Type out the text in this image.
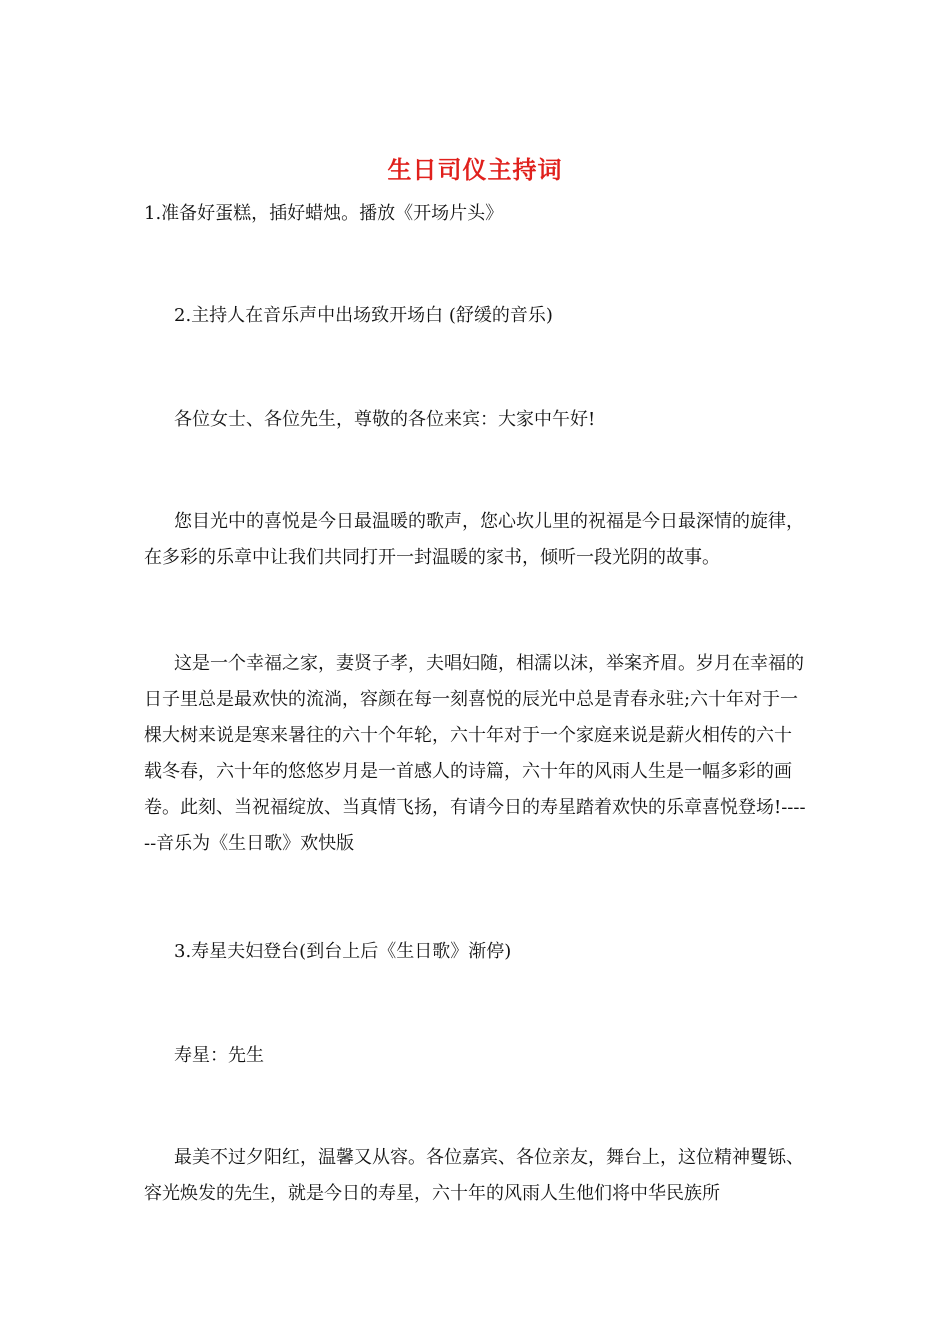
生日司仪主持词

1.准备好蛋糕，插好蜡烛。播放《开场片头》

2.主持人在音乐声中出场致开场白 (舒缓的音乐)

各位女士、各位先生，尊敬的各位来宾：大家中午好!

您目光中的喜悦是今日最温暖的歌声，您心坎儿里的祝福是今日最深情的旋律，在多彩的乐章中让我们共同打开一封温暖的家书，倾听一段光阴的故事。

这是一个幸福之家，妻贤子孝，夫唱妇随，相濡以沫，举案齐眉。岁月在幸福的日子里总是最欢快的流淌，容颜在每一刻喜悦的辰光中总是青春永驻;六十年对于一棵大树来说是寒来暑往的六十个年轮，六十年对于一个家庭来说是薪火相传的六十载冬春，六十年的悠悠岁月是一首感人的诗篇，六十年的风雨人生是一幅多彩的画卷。此刻、当祝福绽放、当真情飞扬，有请今日的寿星踏着欢快的乐章喜悦登场!------音乐为《生日歌》欢快版

3.寿星夫妇登台(到台上后《生日歌》渐停)

寿星：先生

最美不过夕阳红，温馨又从容。各位嘉宾、各位亲友，舞台上，这位精神矍铄、容光焕发的先生，就是今日的寿星，六十年的风雨人生他们将中华民族所
